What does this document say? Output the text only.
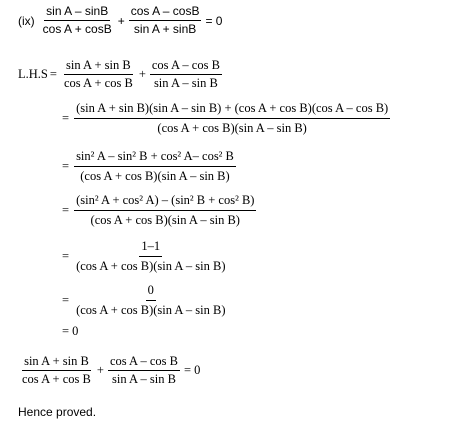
$(ix) \frac{\text{sin A – sinB}}{\text{cos A + cosB}} + \frac{\text{cos A – cosB}}{\text{sin A + sinB}} = 0$
$L.H.S = \frac{\text{sin A + sin B}}{\text{cos A + cos B}} + \frac{\text{cos A – cos B}}{\text{sin A – sin B}}$
=
(sin A + sin B)(sin A – sin B) + (cos A + cos B)(cos A – cos B)
(cos A + cos B)(sin A – sin B)
= $\frac{\text{sin² A – sin² B + cos² A– cos² B}}{\text{(cos A + cos B)(sin A – sin B)}}$
= $\frac{\text{(sin² A + cos² A) – (sin² B + cos² B)}}{\text{(cos A + cos B)(sin A – sin B)}}$
= $\frac{1-1}{\text{(cos A + cos B)(sin A – sin B)}}$
= $\frac{0}{\text{(cos A + cos B)(sin A – sin B)}}$
= 0
$\frac{\text{sin A + sin B}}{\text{cos A + cos B}} + \frac{\text{cos A – cos B}}{\text{sin A – sin B}} = 0$
Hence proved.
